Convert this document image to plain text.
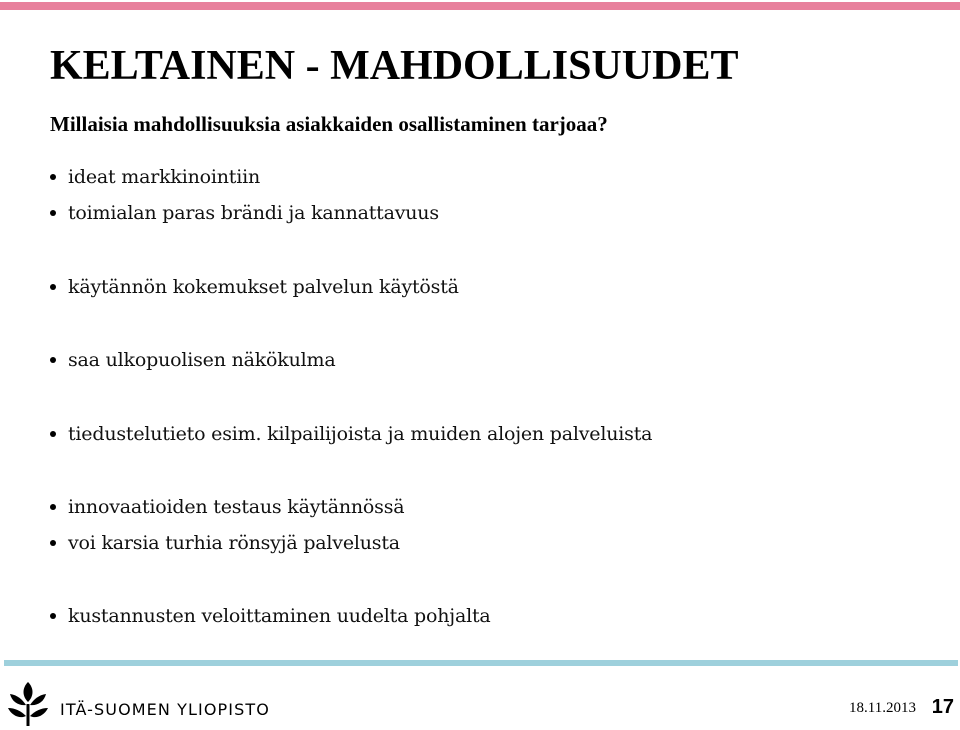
KELTAINEN - MAHDOLLISUUDET
Millaisia mahdollisuuksia asiakkaiden osallistaminen tarjoaa?
ideat markkinointiin
toimialan paras brändi ja kannattavuus
käytännön kokemukset palvelun käytöstä
saa ulkopuolisen näkökulma
tiedustelutieto esim. kilpailijoista ja muiden alojen palveluista
innovaatioiden testaus käytännössä
voi karsia turhia rönsyjä palvelusta
kustannusten veloittaminen uudelta pohjalta
ITÄ-SUOMEN YLIOPISTO	18.11.2013 17
